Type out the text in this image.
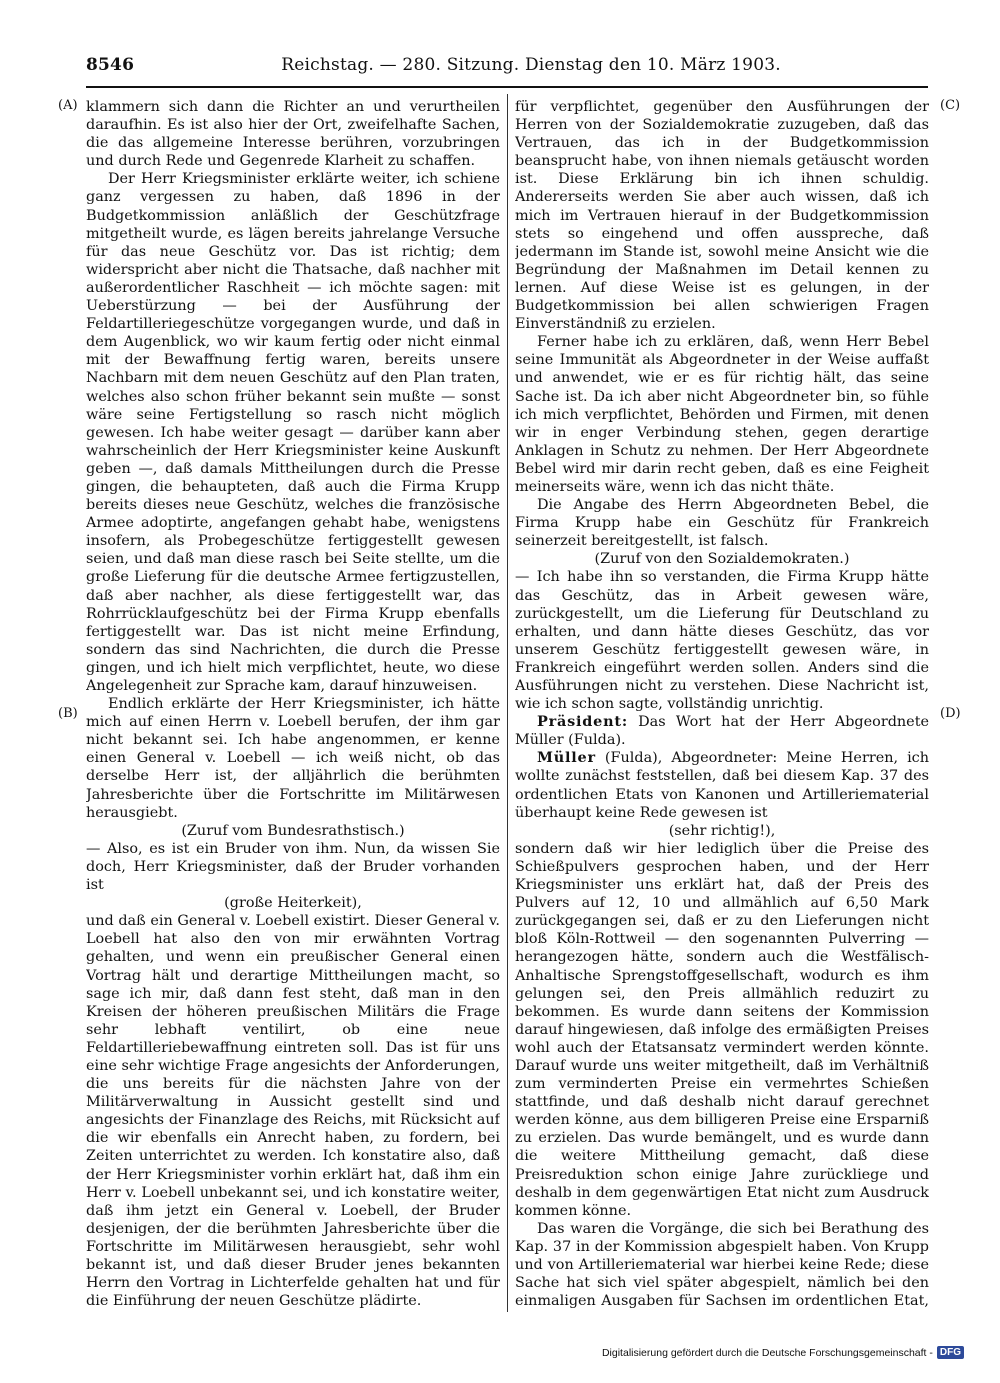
8546	Reichstag. — 280. Sitzung. Dienstag den 10. März 1903.
(A)
(B)
(C)
(D)

klammern sich dann die Richter an und verurtheilen daraufhin. Es ist also hier der Ort, zweifelhafte Sachen, die das allgemeine Interesse berühren, vorzubringen und durch Rede und Gegenrede Klarheit zu schaffen.

Der Herr Kriegsminister erklärte weiter, ich schiene ganz vergessen zu haben, daß 1896 in der Budgetkommission anläßlich der Geschützfrage mitgetheilt wurde, es lägen bereits jahrelange Versuche für das neue Geschütz vor. Das ist richtig; dem widerspricht aber nicht die Thatsache, daß nachher mit außerordentlicher Raschheit — ich möchte sagen: mit Ueberstürzung — bei der Ausführung der Feldartilleriegeschütze vorgegangen wurde, und daß in dem Augenblick, wo wir kaum fertig oder nicht einmal mit der Bewaffnung fertig waren, bereits unsere Nachbarn mit dem neuen Geschütz auf den Plan traten, welches also schon früher bekannt sein mußte — sonst wäre seine Fertigstellung so rasch nicht möglich gewesen. Ich habe weiter gesagt — darüber kann aber wahrscheinlich der Herr Kriegsminister keine Auskunft geben —, daß damals Mittheilungen durch die Presse gingen, die behaupteten, daß auch die Firma Krupp bereits dieses neue Geschütz, welches die französische Armee adoptirte, angefangen gehabt habe, wenigstens insofern, als Probegeschütze fertiggestellt gewesen seien, und daß man diese rasch bei Seite stellte, um die große Lieferung für die deutsche Armee fertigzustellen, daß aber nachher, als diese fertiggestellt war, das Rohrrücklaufgeschütz bei der Firma Krupp ebenfalls fertiggestellt war. Das ist nicht meine Erfindung, sondern das sind Nachrichten, die durch die Presse gingen, und ich hielt mich verpflichtet, heute, wo diese Angelegenheit zur Sprache kam, darauf hinzuweisen.

Endlich erklärte der Herr Kriegsminister, ich hätte mich auf einen Herrn v. Loebell berufen, der ihm gar nicht bekannt sei. Ich habe angenommen, er kenne einen General v. Loebell — ich weiß nicht, ob das derselbe Herr ist, der alljährlich die berühmten Jahresberichte über die Fortschritte im Militärwesen herausgiebt.

(Zuruf vom Bundesrathstisch.)

— Also, es ist ein Bruder von ihm. Nun, da wissen Sie doch, Herr Kriegsminister, daß der Bruder vorhanden ist

(große Heiterkeit),

und daß ein General v. Loebell existirt. Dieser General v. Loebell hat also den von mir erwähnten Vortrag gehalten, und wenn ein preußischer General einen Vortrag hält und derartige Mittheilungen macht, so sage ich mir, daß dann fest steht, daß man in den Kreisen der höheren preußischen Militärs die Frage sehr lebhaft ventilirt, ob eine neue Feldartilleriebewaffnung eintreten soll. Das ist für uns eine sehr wichtige Frage angesichts der Anforderungen, die uns bereits für die nächsten Jahre von der Militärverwaltung in Aussicht gestellt sind und angesichts der Finanzlage des Reichs, mit Rücksicht auf die wir ebenfalls ein Anrecht haben, zu fordern, bei Zeiten unterrichtet zu werden. Ich konstatire also, daß der Herr Kriegsminister vorhin erklärt hat, daß ihm ein Herr v. Loebell unbekannt sei, und ich konstatire weiter, daß ihm jetzt ein General v. Loebell, der Bruder desjenigen, der die berühmten Jahresberichte über die Fortschritte im Militärwesen herausgiebt, sehr wohl bekannt ist, und daß dieser Bruder jenes bekannten Herrn den Vortrag in Lichterfelde gehalten hat und für die Einführung der neuen Geschütze plädirte.

für verpflichtet, gegenüber den Ausführungen der Herren von der Sozialdemokratie zuzugeben, daß das Vertrauen, das ich in der Budgetkommission beansprucht habe, von ihnen niemals getäuscht worden ist. Diese Erklärung bin ich ihnen schuldig. Andererseits werden Sie aber auch wissen, daß ich mich im Vertrauen hierauf in der Budgetkommission stets so eingehend und offen ausspreche, daß jedermann im Stande ist, sowohl meine Ansicht wie die Begründung der Maßnahmen im Detail kennen zu lernen. Auf diese Weise ist es gelungen, in der Budgetkommission bei allen schwierigen Fragen Einverständniß zu erzielen.

Ferner habe ich zu erklären, daß, wenn Herr Bebel seine Immunität als Abgeordneter in der Weise auffaßt und anwendet, wie er es für richtig hält, das seine Sache ist. Da ich aber nicht Abgeordneter bin, so fühle ich mich verpflichtet, Behörden und Firmen, mit denen wir in enger Verbindung stehen, gegen derartige Anklagen in Schutz zu nehmen. Der Herr Abgeordnete Bebel wird mir darin recht geben, daß es eine Feigheit meinerseits wäre, wenn ich das nicht thäte.

Die Angabe des Herrn Abgeordneten Bebel, die Firma Krupp habe ein Geschütz für Frankreich seinerzeit bereitgestellt, ist falsch.

(Zuruf von den Sozialdemokraten.)

— Ich habe ihn so verstanden, die Firma Krupp hätte das Geschütz, das in Arbeit gewesen wäre, zurückgestellt, um die Lieferung für Deutschland zu erhalten, und dann hätte dieses Geschütz, das vor unserem Geschütz fertiggestellt gewesen wäre, in Frankreich eingeführt werden sollen. Anders sind die Ausführungen nicht zu verstehen. Diese Nachricht ist, wie ich schon sagte, vollständig unrichtig.

Präsident: Das Wort hat der Herr Abgeordnete Müller (Fulda).

Müller (Fulda), Abgeordneter: Meine Herren, ich wollte zunächst feststellen, daß bei diesem Kap. 37 des ordentlichen Etats von Kanonen und Artilleriematerial überhaupt keine Rede gewesen ist

(sehr richtig!),

sondern daß wir hier lediglich über die Preise des Schießpulvers gesprochen haben, und der Herr Kriegsminister uns erklärt hat, daß der Preis des Pulvers auf 12, 10 und allmählich auf 6,50 Mark zurückgegangen sei, daß er zu den Lieferungen nicht bloß Köln-Rottweil — den sogenannten Pulverring — herangezogen hätte, sondern auch die Westfälisch-Anhaltische Sprengstoffgesellschaft, wodurch es ihm gelungen sei, den Preis allmählich reduzirt zu bekommen. Es wurde dann seitens der Kommission darauf hingewiesen, daß infolge des ermäßigten Preises wohl auch der Etatsansatz vermindert werden könnte. Darauf wurde uns weiter mitgetheilt, daß im Verhältniß zum verminderten Preise ein vermehrtes Schießen stattfinde, und daß deshalb nicht darauf gerechnet werden könne, aus dem billigeren Preise eine Ersparniß zu erzielen. Das wurde bemängelt, und es wurde dann die weitere Mittheilung gemacht, daß diese Preisreduktion schon einige Jahre zurückliege und deshalb in dem gegenwärtigen Etat nicht zum Ausdruck kommen könne.

Das waren die Vorgänge, die sich bei Berathung des Kap. 37 in der Kommission abgespielt haben. Von Krupp und von Artilleriematerial war hierbei keine Rede; diese Sache hat sich viel später abgespielt, nämlich bei den einmaligen Ausgaben für Sachsen im ordentlichen Etat,

Digitalisierung gefördert durch die Deutsche Forschungsgemeinschaft - DFG
